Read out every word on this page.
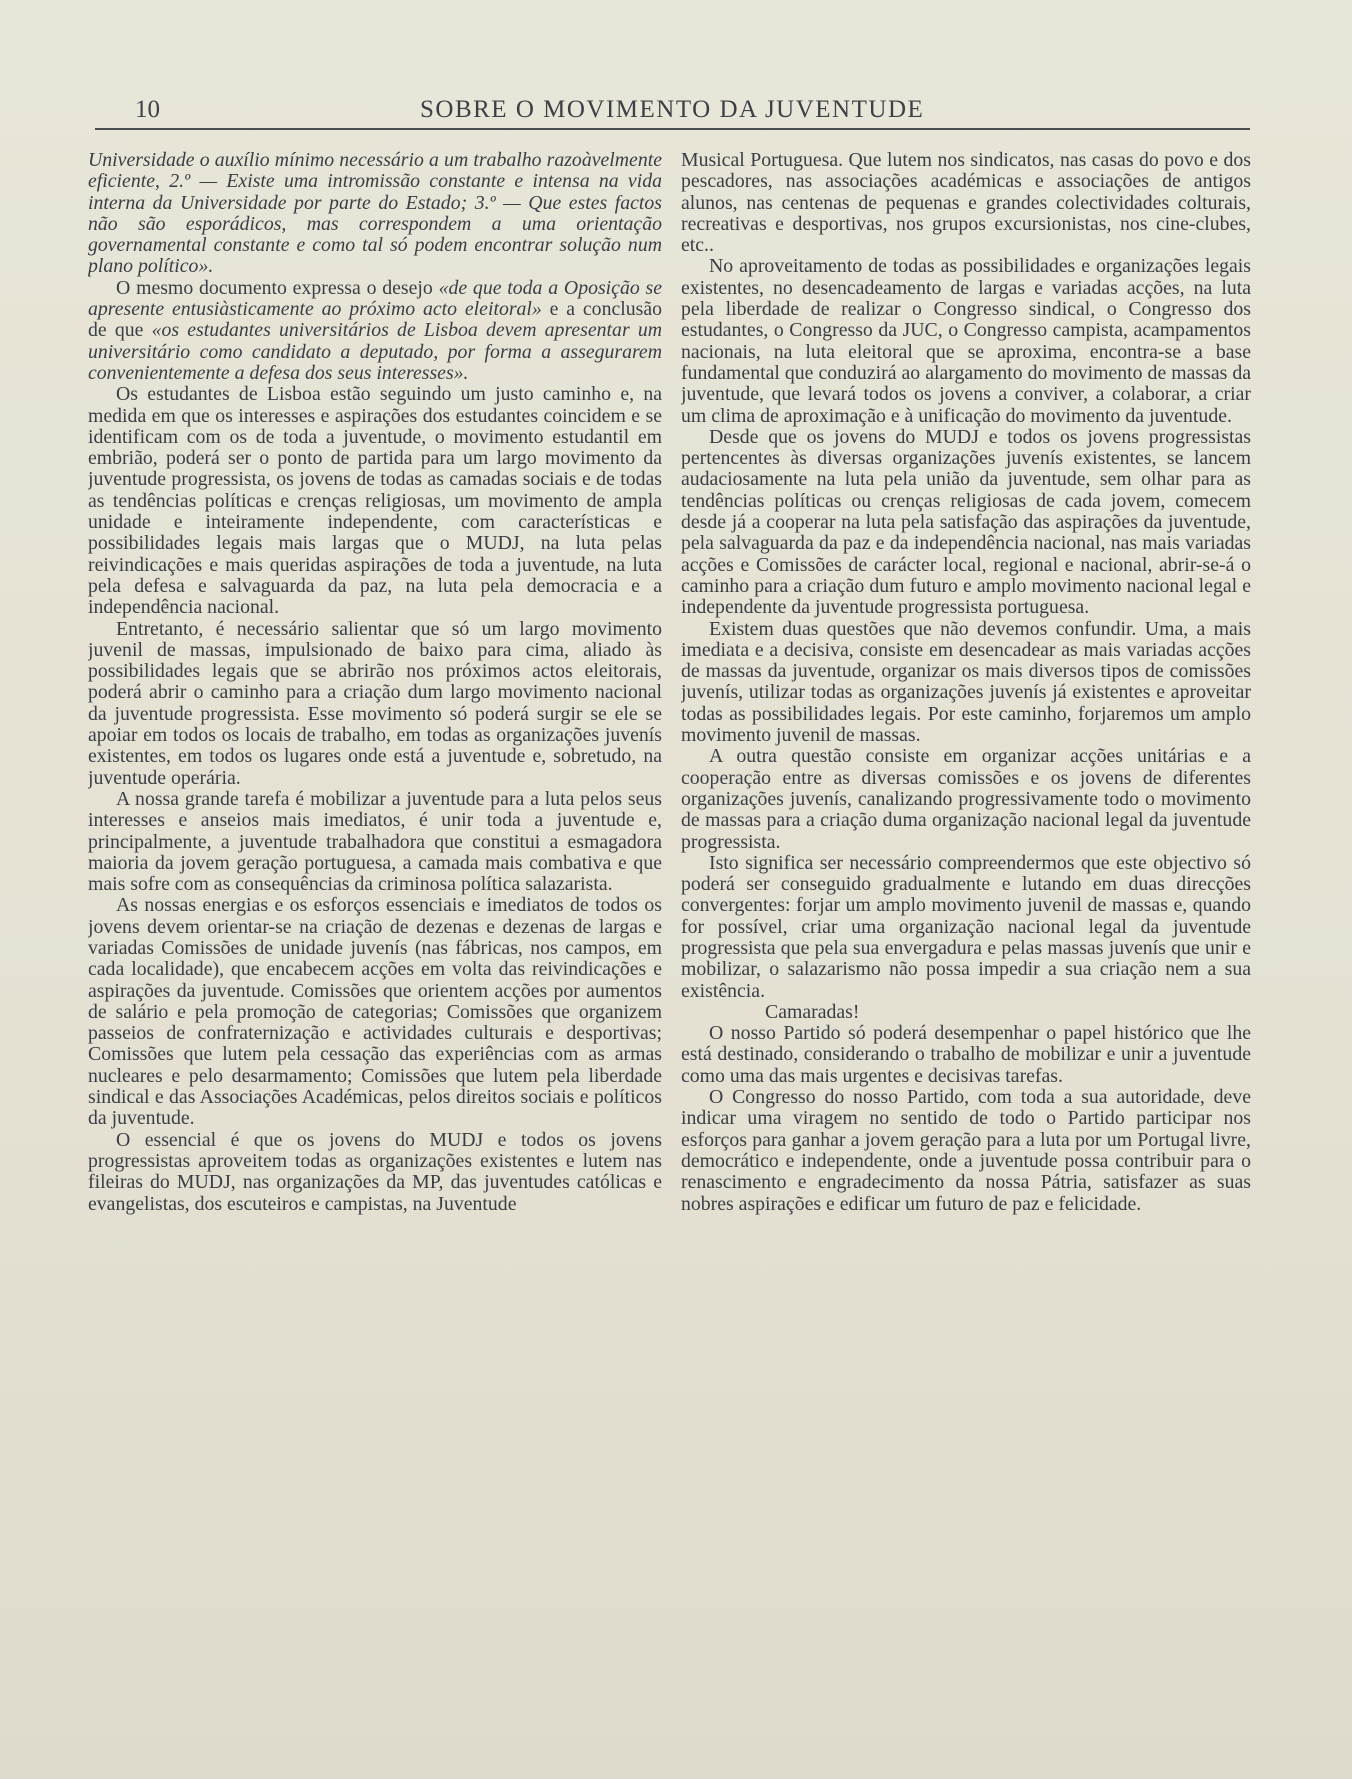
10	SOBRE O MOVIMENTO DA JUVENTUDE

Universidade o auxílio mínimo necessário a um trabalho razoàvelmente eficiente, 2.º — Existe uma intromissão constante e intensa na vida interna da Universidade por parte do Estado; 3.º — Que estes factos não são esporádicos, mas correspondem a uma orientação governamental constante e como tal só podem encontrar solução num plano político».

O mesmo documento expressa o desejo «de que toda a Oposição se apresente entusiàsticamente ao próximo acto eleitoral» e a conclusão de que «os estudantes universitários de Lisboa devem apresentar um universitário como candidato a deputado, por forma a assegurarem convenientemente a defesa dos seus interesses».

Os estudantes de Lisboa estão seguindo um justo caminho e, na medida em que os interesses e aspirações dos estudantes coincidem e se identificam com os de toda a juventude, o movimento estudantil em embrião, poderá ser o ponto de partida para um largo movimento da juventude progressista, os jovens de todas as camadas sociais e de todas as tendências políticas e crenças religiosas, um movimento de ampla unidade e inteiramente independente, com características e possibilidades legais mais largas que o MUDJ, na luta pelas reivindicações e mais queridas aspirações de toda a juventude, na luta pela defesa e salvaguarda da paz, na luta pela democracia e a independência nacional.

Entretanto, é necessário salientar que só um largo movimento juvenil de massas, impulsionado de baixo para cima, aliado às possibilidades legais que se abrirão nos próximos actos eleitorais, poderá abrir o caminho para a criação dum largo movimento nacional da juventude progressista. Esse movimento só poderá surgir se ele se apoiar em todos os locais de trabalho, em todas as organizações juvenís existentes, em todos os lugares onde está a juventude e, sobretudo, na juventude operária.

A nossa grande tarefa é mobilizar a juventude para a luta pelos seus interesses e anseios mais imediatos, é unir toda a juventude e, principalmente, a juventude trabalhadora que constitui a esmagadora maioria da jovem geração portuguesa, a camada mais combativa e que mais sofre com as consequências da criminosa política salazarista.

As nossas energias e os esforços essenciais e imediatos de todos os jovens devem orientar-se na criação de dezenas e dezenas de largas e variadas Comissões de unidade juvenís (nas fábricas, nos campos, em cada localidade), que encabecem acções em volta das reivindicações e aspirações da juventude. Comissões que orientem acções por aumentos de salário e pela promoção de categorias; Comissões que organizem passeios de confraternização e actividades culturais e desportivas; Comissões que lutem pela cessação das experiências com as armas nucleares e pelo desarmamento; Comissões que lutem pela liberdade sindical e das Associações Académicas, pelos direitos sociais e políticos da juventude.

O essencial é que os jovens do MUDJ e todos os jovens progressistas aproveitem todas as organizações existentes e lutem nas fileiras do MUDJ, nas organizações da MP, das juventudes católicas e evangelistas, dos escuteiros e campistas, na Juventude

Musical Portuguesa. Que lutem nos sindicatos, nas casas do povo e dos pescadores, nas associações académicas e associações de antigos alunos, nas centenas de pequenas e grandes colectividades colturais, recreativas e desportivas, nos grupos excursionistas, nos cine-clubes, etc..

No aproveitamento de todas as possibilidades e organizações legais existentes, no desencadeamento de largas e variadas acções, na luta pela liberdade de realizar o Congresso sindical, o Congresso dos estudantes, o Congresso da JUC, o Congresso campista, acampamentos nacionais, na luta eleitoral que se aproxima, encontra-se a base fundamental que conduzirá ao alargamento do movimento de massas da juventude, que levará todos os jovens a conviver, a colaborar, a criar um clima de aproximação e à unificação do movimento da juventude.

Desde que os jovens do MUDJ e todos os jovens progressistas pertencentes às diversas organizações juvenís existentes, se lancem audaciosamente na luta pela união da juventude, sem olhar para as tendências políticas ou crenças religiosas de cada jovem, comecem desde já a cooperar na luta pela satisfação das aspirações da juventude, pela salvaguarda da paz e da independência nacional, nas mais variadas acções e Comissões de carácter local, regional e nacional, abrir-se-á o caminho para a criação dum futuro e amplo movimento nacional legal e independente da juventude progressista portuguesa.

Existem duas questões que não devemos confundir. Uma, a mais imediata e a decisiva, consiste em desencadear as mais variadas acções de massas da juventude, organizar os mais diversos tipos de comissões juvenís, utilizar todas as organizações juvenís já existentes e aproveitar todas as possibilidades legais. Por este caminho, forjaremos um amplo movimento juvenil de massas.

A outra questão consiste em organizar acções unitárias e a cooperação entre as diversas comissões e os jovens de diferentes organizações juvenís, canalizando progressivamente todo o movimento de massas para a criação duma organização nacional legal da juventude progressista.

Isto significa ser necessário compreendermos que este objectivo só poderá ser conseguido gradualmente e lutando em duas direcções convergentes: forjar um amplo movimento juvenil de massas e, quando for possível, criar uma organização nacional legal da juventude progressista que pela sua envergadura e pelas massas juvenís que unir e mobilizar, o salazarismo não possa impedir a sua criação nem a sua existência.

Camaradas!

O nosso Partido só poderá desempenhar o papel histórico que lhe está destinado, considerando o trabalho de mobilizar e unir a juventude como uma das mais urgentes e decisivas tarefas.

O Congresso do nosso Partido, com toda a sua autoridade, deve indicar uma viragem no sentido de todo o Partido participar nos esforços para ganhar a jovem geração para a luta por um Portugal livre, democrático e independente, onde a juventude possa contribuir para o renascimento e engradecimento da nossa Pátria, satisfazer as suas nobres aspirações e edificar um futuro de paz e felicidade.
